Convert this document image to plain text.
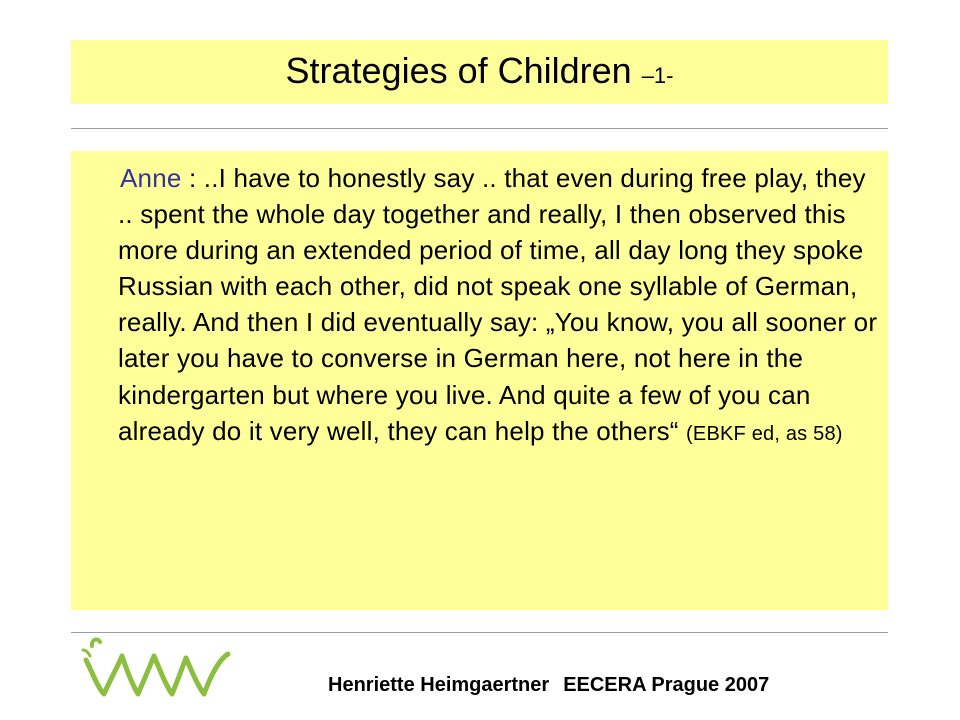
Strategies of Children –1-

Anne : ..I have to honestly say .. that even during free play, they .. spent the whole day together and really, I then observed this more during an extended period of time, all day long they spoke Russian with each other, did not speak one syllable of German, really. And then I did eventually say: „You know, you all sooner or later you have to converse in German here, not here in the kindergarten but where you live. And quite a few of you can already do it very well, they can help the others“ (EBKF ed, as 58)

Henriette Heimgaertner EECERA Prague 2007
